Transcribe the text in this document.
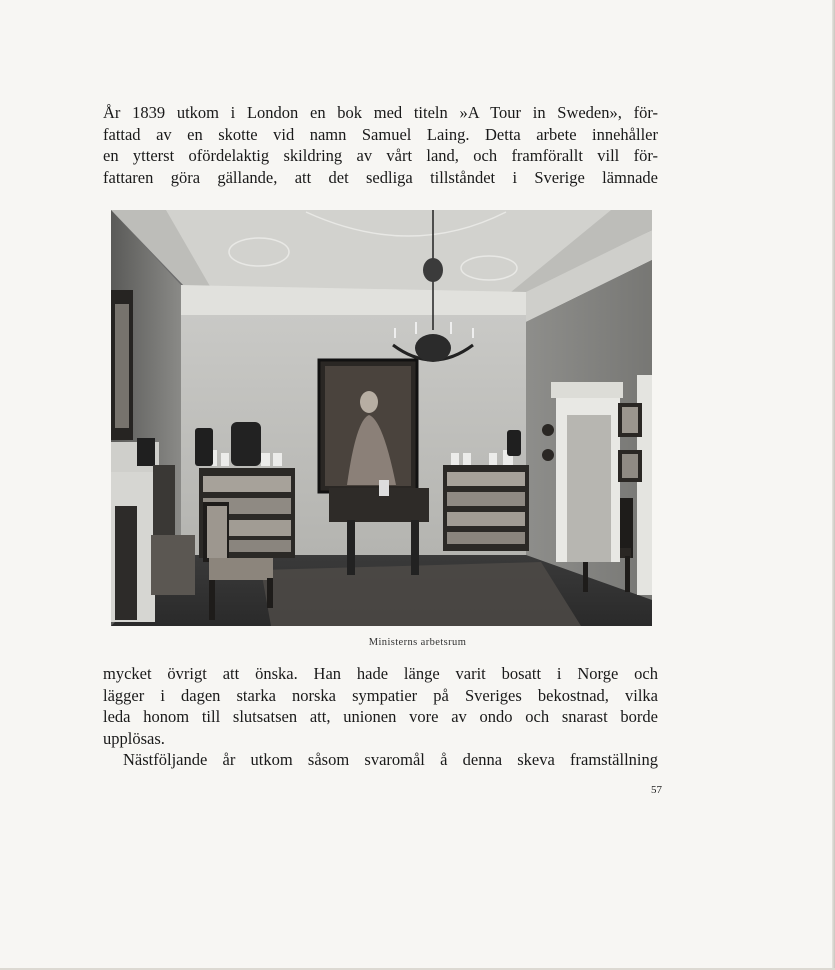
År 1839 utkom i London en bok med titeln »A Tour in Sweden», för-
fattad av en skotte vid namn Samuel Laing. Detta arbete innehåller
en ytterst ofördelaktig skildring av vårt land, och framförallt vill för-
fattaren göra gällande, att det sedliga tillståndet i Sverige lämnade
Ministerns arbetsrum
mycket övrigt att önska. Han hade länge varit bosatt i Norge och
lägger i dagen starka norska sympatier på Sveriges bekostnad, vilka
leda honom till slutsatsen att, unionen vore av ondo och snarast borde
upplösas.
Nästföljande år utkom såsom svaromål å denna skeva framställning
57
